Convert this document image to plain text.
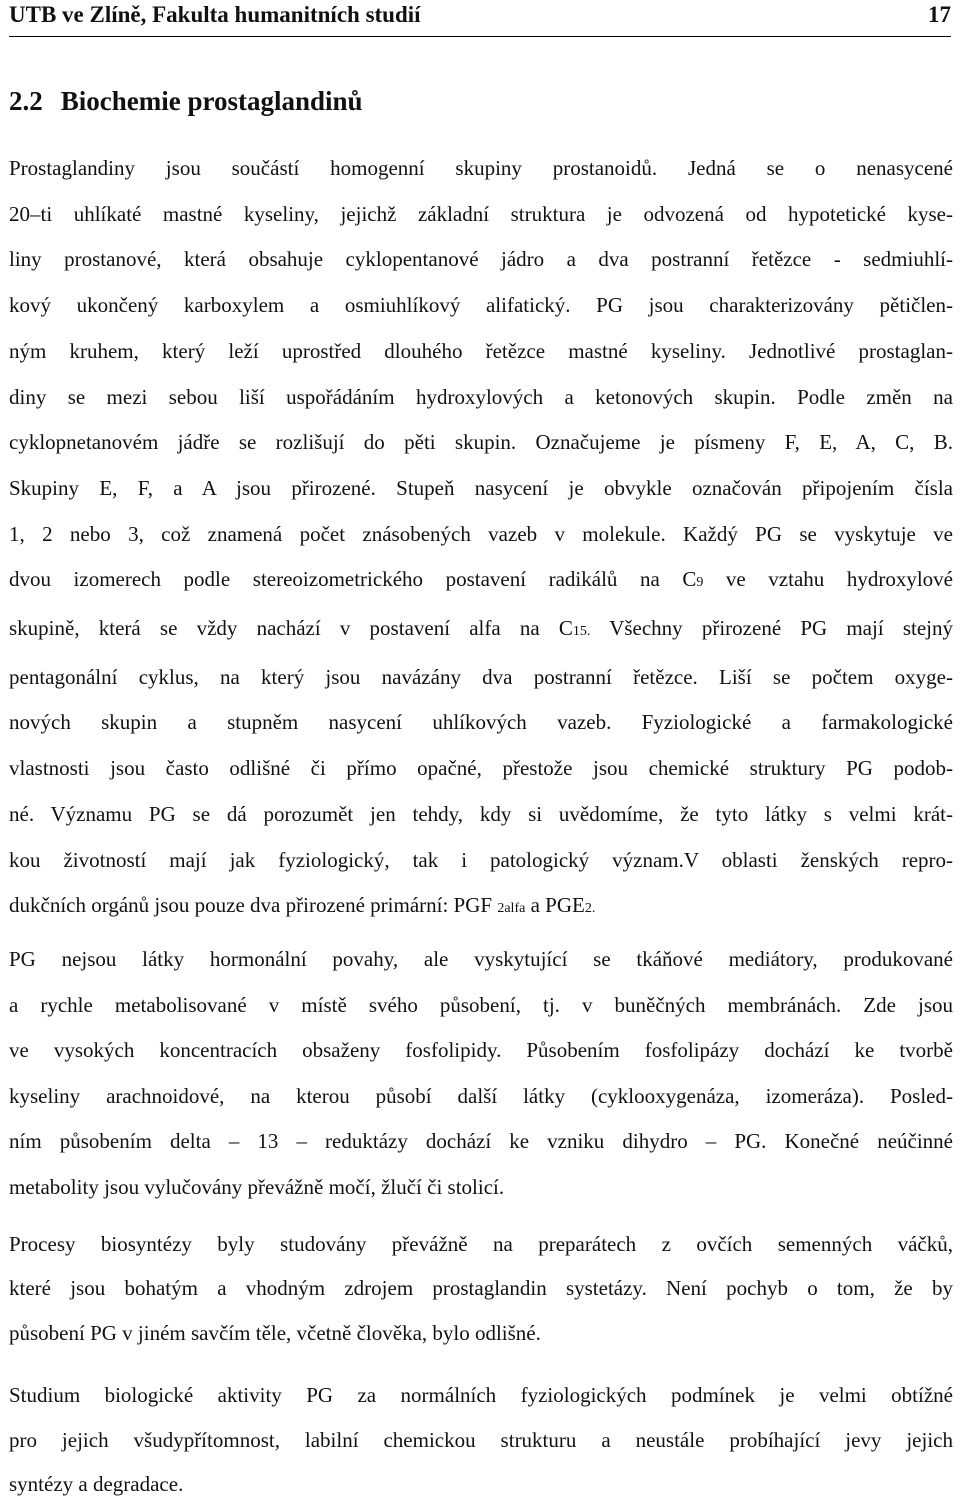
UTB ve Zlíně, Fakulta humanitních studií	17
2.2 Biochemie prostaglandinů
Prostaglandiny jsou součástí homogenní skupiny prostanoidů. Jedná se o nenasycené
20–ti uhlíkaté mastné kyseliny, jejichž základní struktura je odvozená od hypotetické kyse-
liny prostanové, která obsahuje cyklopentanové jádro a dva postranní řetězce - sedmiuhlí-
kový ukončený karboxylem a osmiuhlíkový alifatický. PG jsou charakterizovány pětičlen-
ným kruhem, který leží uprostřed dlouhého řetězce mastné kyseliny. Jednotlivé prostaglan-
diny se mezi sebou liší uspořádáním hydroxylových a ketonových skupin. Podle změn na
cyklopnetanovém jádře se rozlišují do pěti skupin. Označujeme je písmeny F, E, A, C, B.
Skupiny E, F, a A jsou přirozené. Stupeň nasycení je obvykle označován připojením čísla
1, 2 nebo 3, což znamená počet znásobených vazeb v molekule. Každý PG se vyskytuje ve
dvou izomerech podle stereoizometrického postavení radikálů na C9 ve vztahu hydroxylové
skupině, která se vždy nachází v postavení alfa na C15. Všechny přirozené PG mají stejný
pentagonální cyklus, na který jsou navázány dva postranní řetězce. Liší se počtem oxyge-
nových skupin a stupněm nasycení uhlíkových vazeb. Fyziologické a farmakologické
vlastnosti jsou často odlišné či přímo opačné, přestože jsou chemické struktury PG podob-
né. Významu PG se dá porozumět jen tehdy, kdy si uvědomíme, že tyto látky s velmi krát-
kou životností mají jak fyziologický, tak i patologický význam.V oblasti ženských repro-
dukčních orgánů jsou pouze dva přirozené primární: PGF 2alfa a PGE2.
PG nejsou látky hormonální povahy, ale vyskytující se tkáňové mediátory, produkované
a rychle metabolisované v místě svého působení, tj. v buněčných membránách. Zde jsou
ve vysokých koncentracích obsaženy fosfolipidy. Působením fosfolipázy dochází ke tvorbě
kyseliny arachnoidové, na kterou působí další látky (cyklooxygenáza, izomeráza). Posled-
ním působením delta – 13 – reduktázy dochází ke vzniku dihydro – PG. Konečné neúčinné
metabolity jsou vylučovány převážně močí, žlučí či stolicí.
Procesy biosyntézy byly studovány převážně na preparátech z ovčích semenných váčků,
které jsou bohatým a vhodným zdrojem prostaglandin systetázy. Není pochyb o tom, že by
působení PG v jiném savčím těle, včetně člověka, bylo odlišné.
Studium biologické aktivity PG za normálních fyziologických podmínek je velmi obtížné
pro jejich všudypřítomnost, labilní chemickou strukturu a neustále probíhající jevy jejich
syntézy a degradace.
